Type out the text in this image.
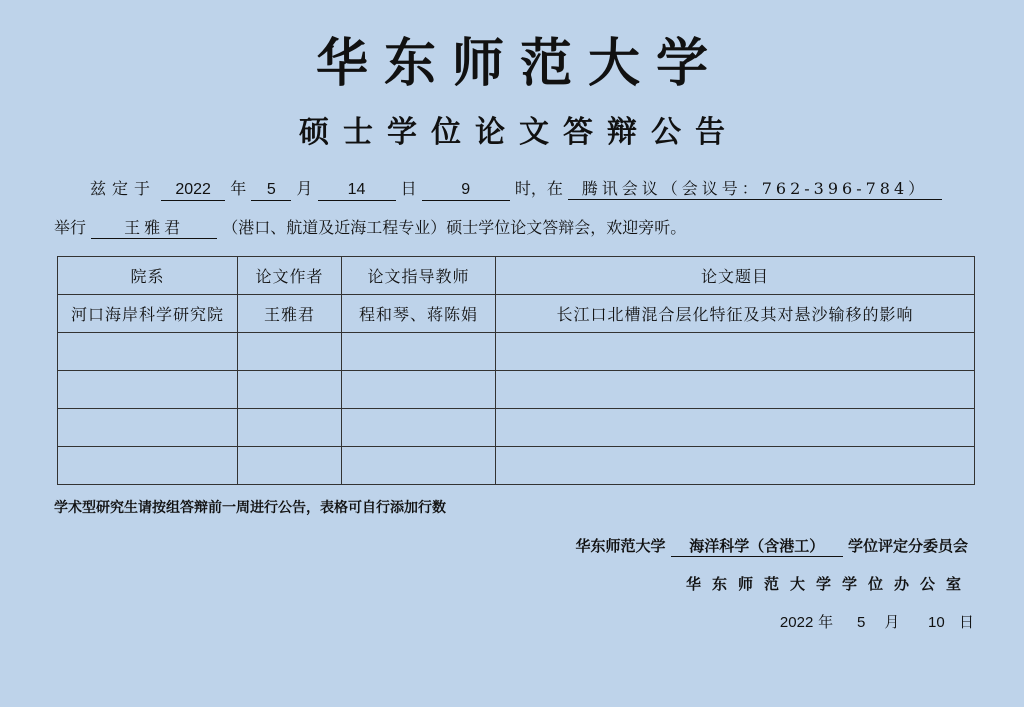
华东师范大学
硕士学位论文答辩公告
兹定于 2022 年 5 月 14 日	9	时，在 腾讯会议（会议号：762-396-784）
举行 王雅君 （港口、航道及近海工程专业）硕士学位论文答辩会，欢迎旁听。
院系	论文作者	论文指导教师	论文题目
河口海岸科学研究院	王雅君	程和琴、蒋陈娟	长江口北槽混合层化特征及其对悬沙输移的影响

学术型研究生请按组答辩前一周进行公告，表格可自行添加行数
华东师范大学 海洋科学（含港工） 学位评定分委员会
华东师范大学学位办公室
2022 年 5 月 10 日
